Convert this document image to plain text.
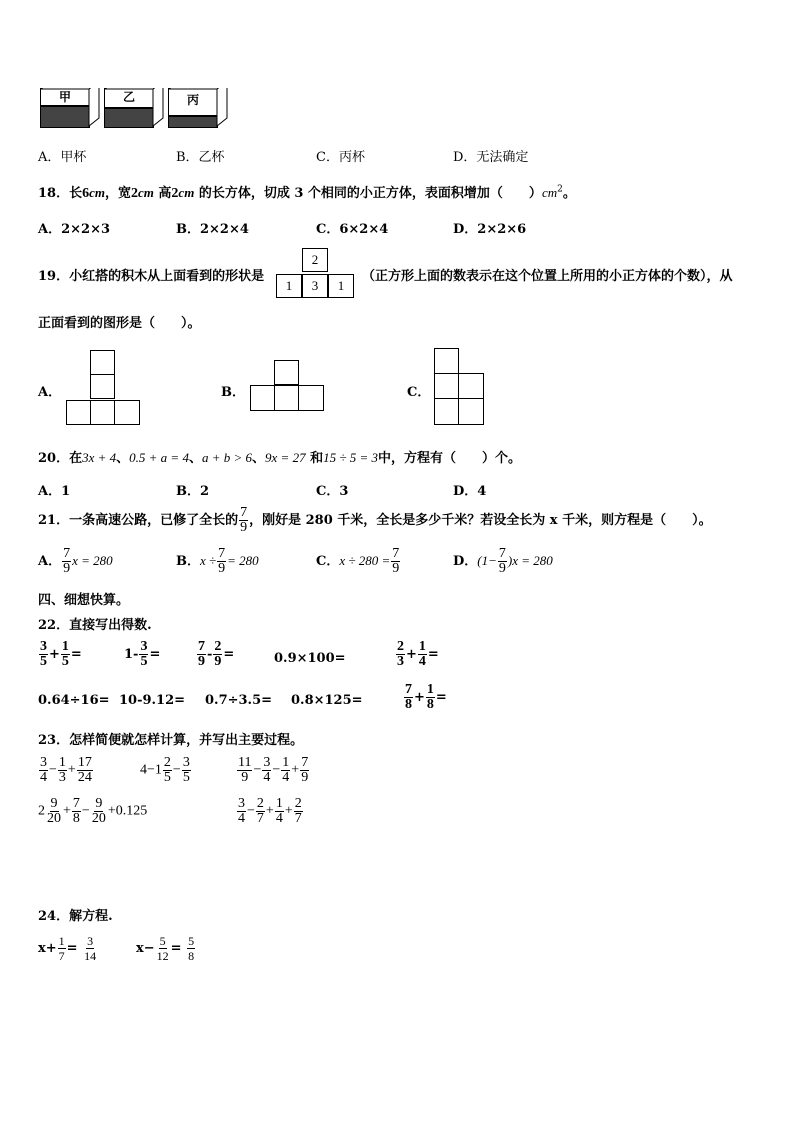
甲	乙	丙
A．甲杯	B．乙杯	C．丙杯	D．无法确定
18．长6cm，宽2cm 高2cm 的长方体，切成 3 个相同的小正方体，表面积增加（　　）$cm^2$。
A．2×2×3	B．2×2×4	C．6×2×4	D．2×2×6
19．小红搭的积木从上面看到的形状是
2
1	3	1
（正方形上面的数表示在这个位置上所用的小正方体的个数），从
正面看到的图形是（　　）。
A．	B．	C．
20．在3x + 4、0.5 + a = 4、a + b > 6、9x = 27 和15 ÷ 5 = 3中，方程有（　　）个。
A．1	B．2	C．3	D．4
21．一条高速公路，已修了全长的 $\frac{7}{9}$ ，刚好是 280 千米，全长是多少千米？若设全长为 x 千米，则方程是（　　）。
A． $\frac{7}{9}$ x = 280	B．$x \div \frac{7}{9} = 280$	C．$x \div 280 = \frac{7}{9}$	D．$(1- \frac{7}{9} )x = 280$
四、细想快算。
22．直接写出得数.
$\frac{3}{5} + \frac{1}{5}$ =	$1- \frac{3}{5}$ =	$\frac{7}{9} - \frac{2}{9}$ =	0.9×100=	$\frac{2}{3} + \frac{1}{4}$ =
0.64÷16= 10-9.12= 0.7÷3.5= 0.8×125=	$\frac{7}{8} + \frac{1}{8}$ =
23．怎样简便就怎样计算，并写出主要过程。
$\frac{3}{4} - \frac{1}{3} + \frac{17}{24}$	$4-1 \frac{2}{5} - \frac{3}{5}$	$\frac{11}{9} - \frac{3}{4} - \frac{1}{4} + \frac{7}{9}$
$2 \frac{9}{20} + \frac{7}{8} - \frac{9}{20} +0.125$	$\frac{3}{4} - \frac{2}{7} + \frac{1}{4} + \frac{2}{7}$
24．解方程.
$x+ \frac{1}{7} = \frac{3}{14}$	$x- \frac{5}{12} = \frac{5}{8}$
